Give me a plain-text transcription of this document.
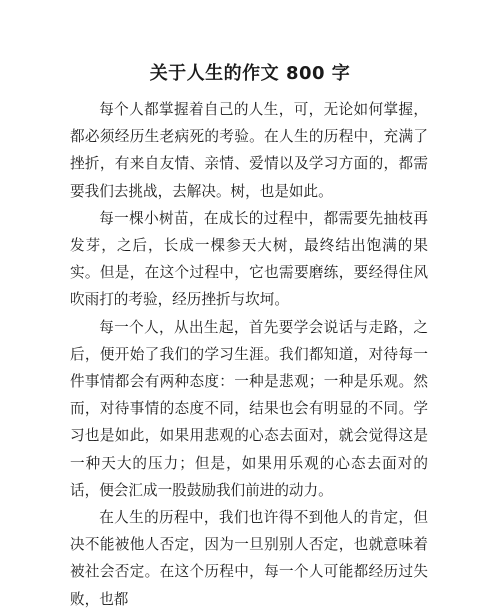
关于人生的作文 800 字

每个人都掌握着自己的人生，可，无论如何掌握，都必须经历生老病死的考验。在人生的历程中，充满了挫折，有来自友情、亲情、爱情以及学习方面的，都需要我们去挑战，去解决。树，也是如此。

每一棵小树苗，在成长的过程中，都需要先抽枝再发芽，之后，长成一棵参天大树，最终结出饱满的果实。但是，在这个过程中，它也需要磨练，要经得住风吹雨打的考验，经历挫折与坎坷。

每一个人，从出生起，首先要学会说话与走路，之后，便开始了我们的学习生涯。我们都知道，对待每一件事情都会有两种态度：一种是悲观；一种是乐观。然而，对待事情的态度不同，结果也会有明显的不同。学习也是如此，如果用悲观的心态去面对，就会觉得这是一种天大的压力；但是，如果用乐观的心态去面对的话，便会汇成一股鼓励我们前进的动力。

在人生的历程中，我们也许得不到他人的肯定，但决不能被他人否定，因为一旦别别人否定，也就意味着被社会否定。在这个历程中，每一个人可能都经历过失败，也都
